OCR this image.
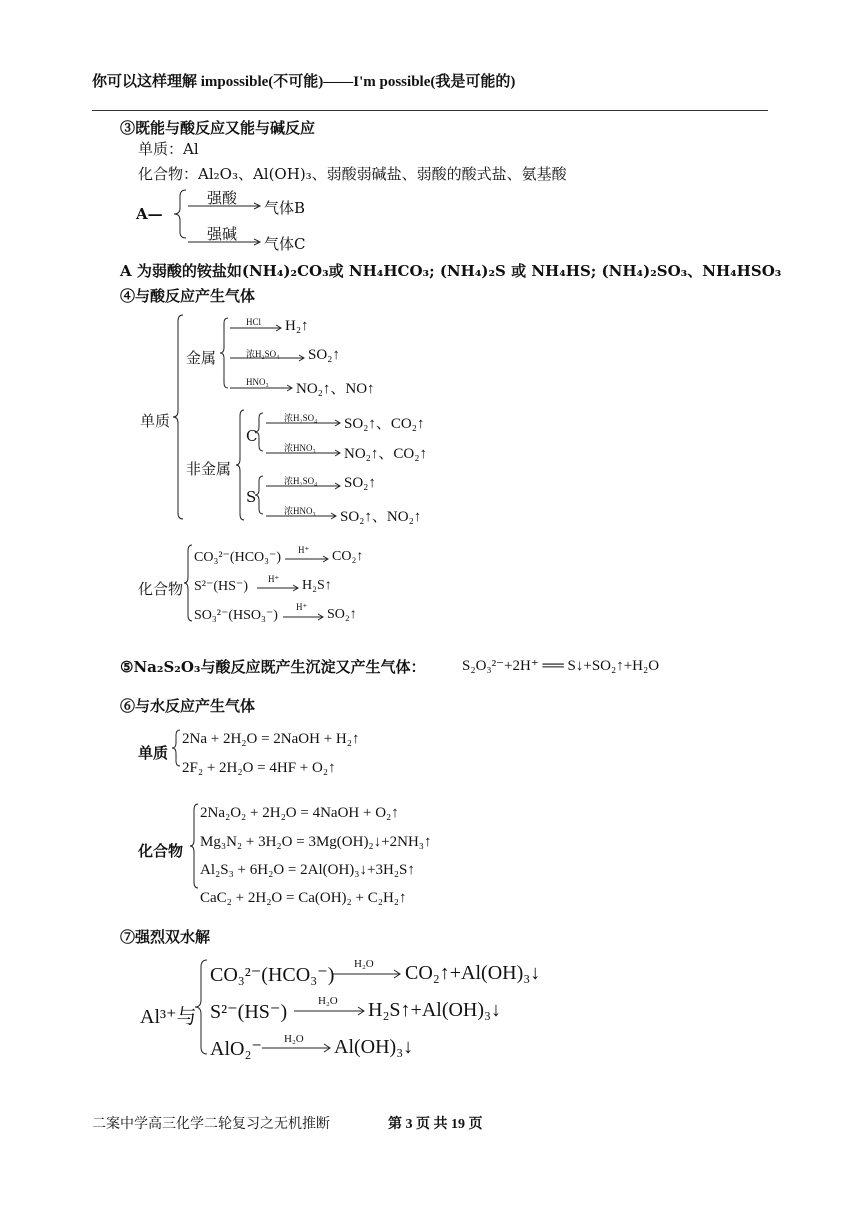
你可以这样理解 impossible(不可能)——I'm possible(我是可能的)
③既能与酸反应又能与碱反应
单质：Al
化合物：Al₂O₃、Al(OH)₃、弱酸弱碱盐、弱酸的酸式盐、氨基酸
A—
强酸
气体B
强碱
气体C
A 为弱酸的铵盐如(NH₄)₂CO₃或 NH₄HCO₃; (NH₄)₂S 或 NH₄HS; (NH₄)₂SO₃、NH₄HSO₃
④与酸反应产生气体
单质
金属
非金属
C
S
HCl H₂↑
浓H₂SO₄ SO₂↑
HNO₃ NO₂↑、NO↑
浓H₂SO₄ SO₂↑、CO₂↑
浓HNO₃ NO₂↑、CO₂↑
浓H₂SO₄ SO₂↑
浓HNO₃ SO₂↑、NO₂↑
化合物
CO₃²⁻(HCO₃⁻) H⁺ CO₂↑
S²⁻(HS⁻) H⁺ H₂S↑
SO₃²⁻(HSO₃⁻)
H⁺ SO₂↑
⑤Na₂S₂O₃与酸反应既产生沉淀又产生气体： S₂O₃²⁻+2H⁺ ══ S↓+SO₂↑+H₂O
⑥与水反应产生气体
单质
2Na + 2H₂O = 2NaOH + H₂↑
2F₂ + 2H₂O = 4HF + O₂↑
化合物
2Na₂O₂ + 2H₂O = 4NaOH + O₂↑
Mg₃N₂ + 3H₂O = 3Mg(OH)₂↓+2NH₃↑
Al₂S₃ + 6H₂O = 2Al(OH)₃↓+3H₂S↑
CaC₂ + 2H₂O = Ca(OH)₂ + C₂H₂↑
⑦强烈双水解
Al³⁺与
CO₃²⁻(HCO₃⁻) H₂O CO₂↑+Al(OH)₃↓
S²⁻(HS⁻)	H₂O H₂S↑+Al(OH)₃↓
AlO₂⁻ H₂O Al(OH)₃↓
二案中学高三化学二轮复习之无机推断	第 3 页 共 19 页
